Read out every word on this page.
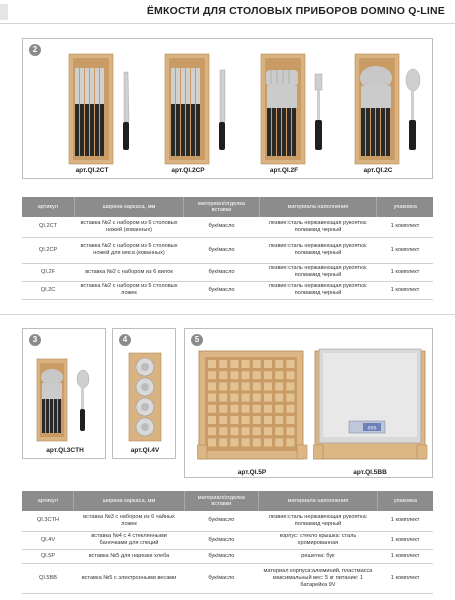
ЁМКОСТИ ДЛЯ СТОЛОВЫХ ПРИБОРОВ DOMINO Q-LINE
2
арт.QI.2CT	арт.QI.2CP	арт.QI.2F	арт.QI.2C
артикул	ширина каркаса, мм	материал/отделка вставки	материала наполнения	упаковка
QI.2CT	вставка №2 с набором из 6 столовых ножей (кованных)	бук/масло	лезвие:сталь нержавеющая рукоятка: полиамид черный	1 комплект
QI.2CP	вставка №2 с набором из 6 столовых ножей для мяса (кованных)	бук/масло	лезвие:сталь нержавеющая рукоятка: полиамид черный	1 комплект
QI.2F	вставка №2 с набором из 6 вилок	бук/масло	лезвие:сталь нержавеющая рукоятка: полиамид черный	1 комплект
QI.2C	вставка №2 с набором из 6 столовых ложек	бук/масло	лезвие:сталь нержавеющая рукоятка: полиамид черный	1 комплект
3
арт.QI.3CTH
4
арт.QI.4V
5
арт.QI.5P
000
арт.QI.5BB
артикул	ширина каркаса, мм	материал/отделка вставки	материала наполнения	упаковка
QI.3CTH	вставка №3 с набором из 6 чайных ложек	бук/масло	лезвие:сталь нержавеющая рукоятка: полиамид черный	1 комплект
QI.4V	вставка №4 с 4 стеклянными баночками для специй	бук/масло	корпус: стекло крышка: сталь хромированная	1 комплект
QI.5P	вставка №5 для нарезки хлеба	бук/масло	решетка: бук	1 комплект
QI.5BB	вставка №5 с электронными весами	бук/масло	материал корпуса:алюминий, пластмасса максимальный вес: 5 кг питание: 1 батарейка 9V	1 комплект
